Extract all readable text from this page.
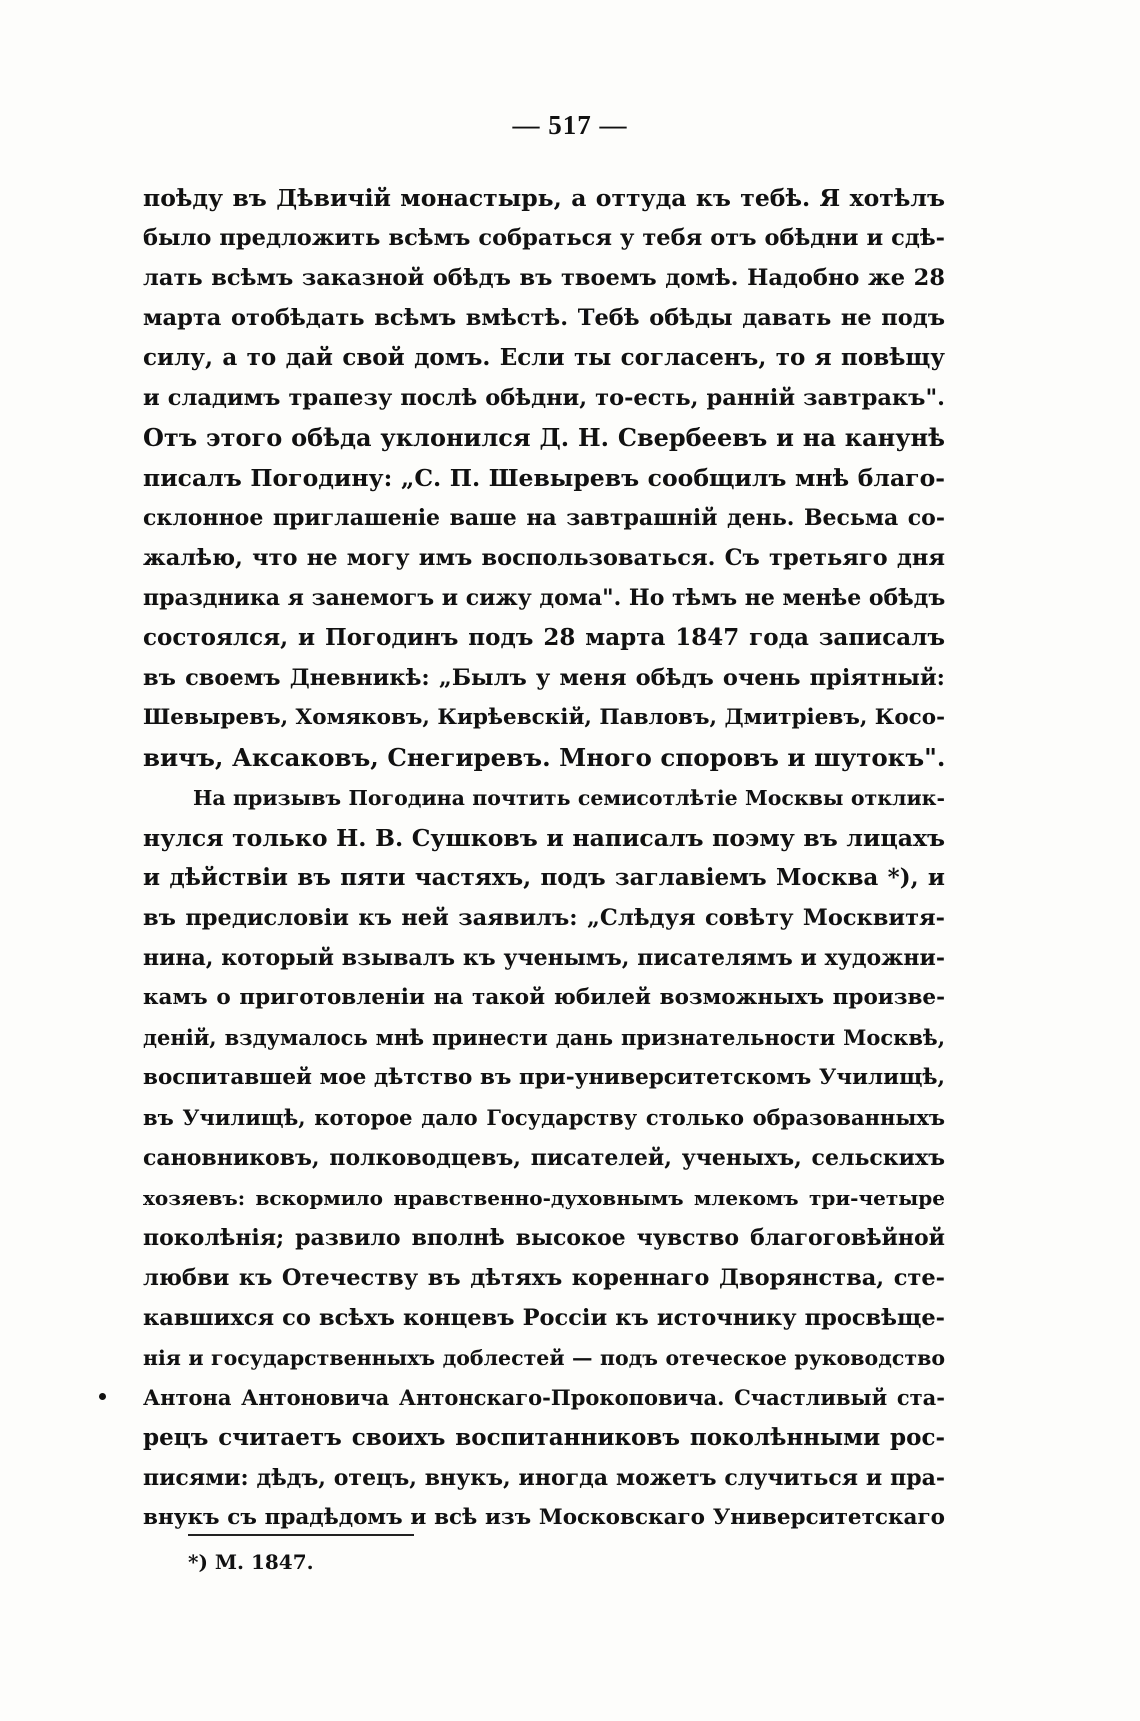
— 517 —
поѣду въ Дѣвичій монастырь, а оттуда къ тебѣ. Я хотѣлъ
было предложить всѣмъ собраться у тебя отъ обѣдни и сдѣ-
лать всѣмъ заказной обѣдъ въ твоемъ домѣ. Надобно же 28
марта отобѣдать всѣмъ вмѣстѣ. Тебѣ обѣды давать не подъ
силу, а то дай свой домъ. Если ты согласенъ, то я повѣщу
и сладимъ трапезу послѣ обѣдни, то-есть, ранній завтракъ".
Отъ этого обѣда уклонился Д. Н. Свербеевъ и на канунѣ
писалъ Погодину: „С. П. Шевыревъ сообщилъ мнѣ благо-
склонное приглашеніе ваше на завтрашній день. Весьма со-
жалѣю, что не могу имъ воспользоваться. Съ третьяго дня
праздника я занемогъ и сижу дома". Но тѣмъ не менѣе обѣдъ
состоялся, и Погодинъ подъ 28 марта 1847 года записалъ
въ своемъ Дневникѣ: „Былъ у меня обѣдъ очень пріятный:
Шевыревъ, Хомяковъ, Кирѣевскій, Павловъ, Дмитріевъ, Косо-
вичъ, Аксаковъ, Снегиревъ. Много споровъ и шутокъ".
На призывъ Погодина почтить семисотлѣтіе Москвы отклик-
нулся только Н. В. Сушковъ и написалъ поэму въ лицахъ
и дѣйствіи въ пяти частяхъ, подъ заглавіемъ Москва *), и
въ предисловіи къ ней заявилъ: „Слѣдуя совѣту Москвитя-
нина, который взывалъ къ ученымъ, писателямъ и художни-
камъ о приготовленіи на такой юбилей возможныхъ произве-
деній, вздумалось мнѣ принести дань признательности Москвѣ,
воспитавшей мое дѣтство въ при-университетскомъ Училищѣ,
въ Училищѣ, которое дало Государству столько образованныхъ
сановниковъ, полководцевъ, писателей, ученыхъ, сельскихъ
хозяевъ: вскормило нравственно-духовнымъ млекомъ три-четыре
поколѣнія; развило вполнѣ высокое чувство благоговѣйной
любви къ Отечеству въ дѣтяхъ кореннаго Дворянства, сте-
кавшихся со всѣхъ концевъ Россіи къ источнику просвѣще-
нія и государственныхъ доблестей — подъ отеческое руководство
Антона Антоновича Антонскаго-Прокоповича. Счастливый ста-
рецъ считаетъ своихъ воспитанниковъ поколѣнными рос-
писями: дѣдъ, отецъ, внукъ, иногда можетъ случиться и пра-
внукъ съ прадѣдомъ и всѣ изъ Московскаго Университетскаго
*) М. 1847.
